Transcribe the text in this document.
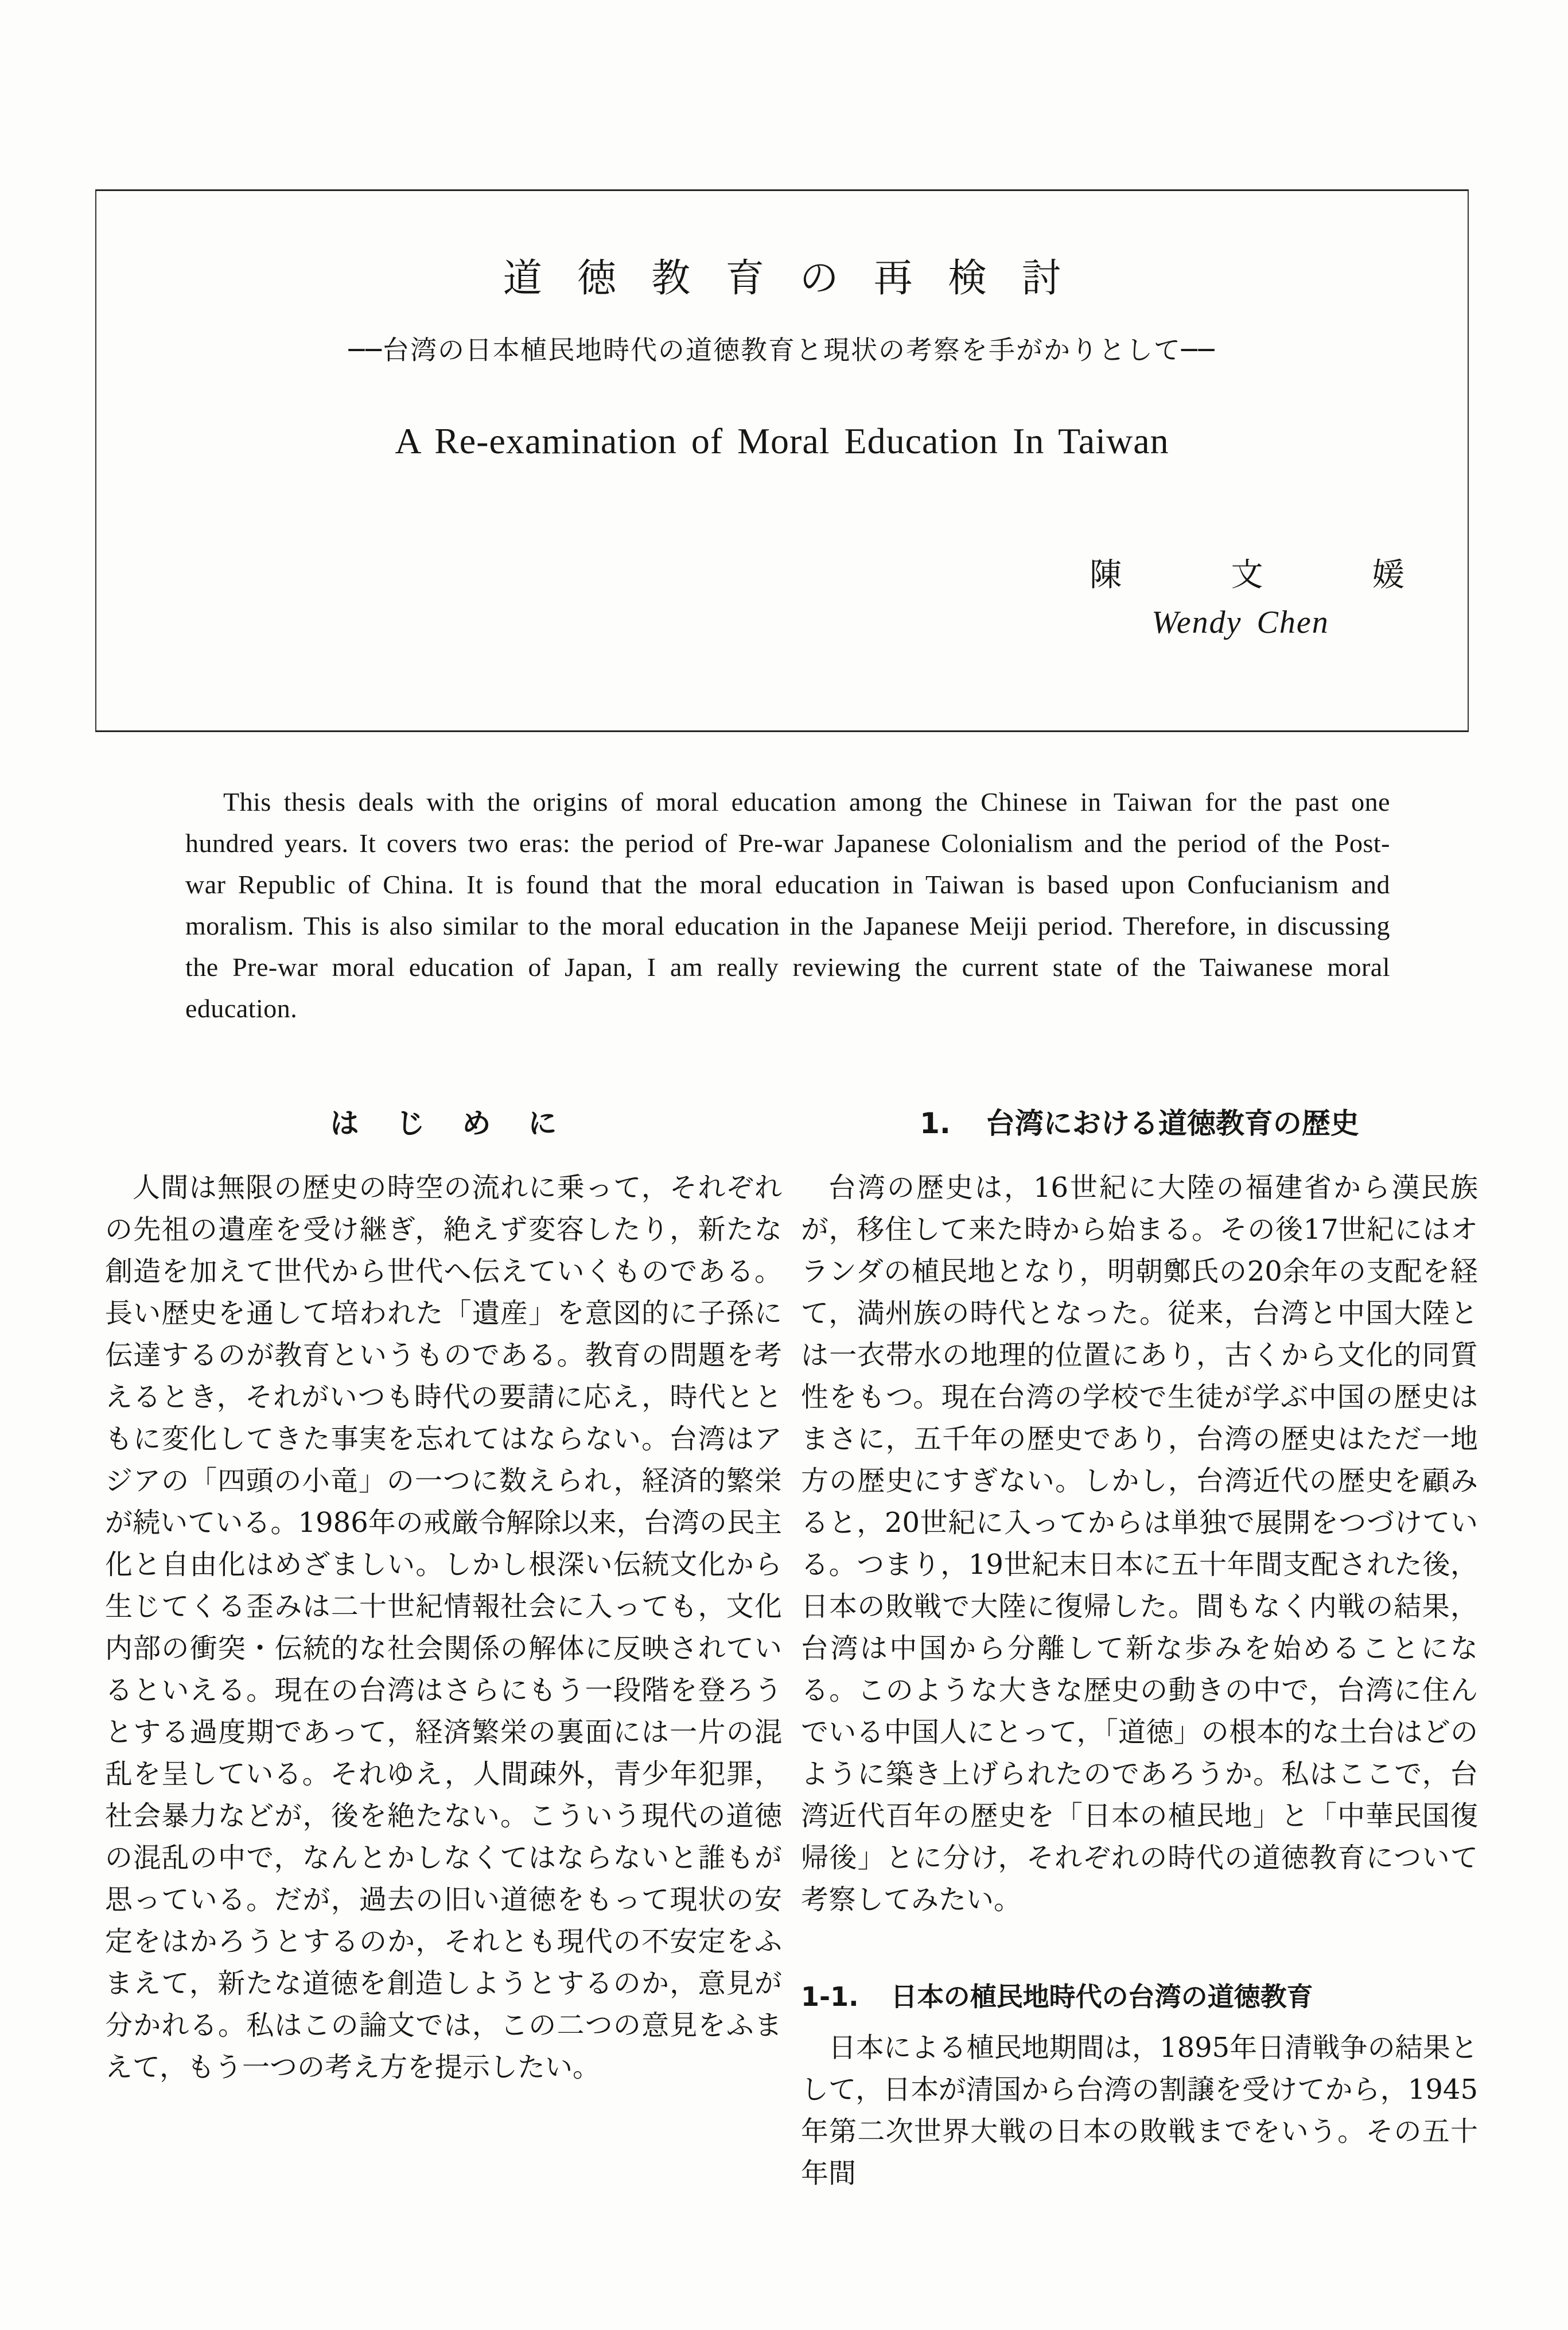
道徳教育の再検討
──台湾の日本植民地時代の道徳教育と現状の考察を手がかりとして──
A Re-examination of Moral Education In Taiwan
陳　文　媛
Wendy Chen

This thesis deals with the origins of moral education among the Chinese in Taiwan for the past one hundred years. It covers two eras: the period of Pre-war Japanese Colonialism and the period of the Post-war Republic of China. It is found that the moral education in Taiwan is based upon Confucianism and moralism. This is also similar to the moral education in the Japanese Meiji period. Therefore, in discussing the Pre-war moral education of Japan, I am really reviewing the current state of the Taiwanese moral education.

はじめに

人間は無限の歴史の時空の流れに乗って，それぞれの先祖の遺産を受け継ぎ，絶えず変容したり，新たな創造を加えて世代から世代へ伝えていくものである。長い歴史を通して培われた「遺産」を意図的に子孫に伝達するのが教育というものである。教育の問題を考えるとき，それがいつも時代の要請に応え，時代とともに変化してきた事実を忘れてはならない。台湾はアジアの「四頭の小竜」の一つに数えられ，経済的繁栄が続いている。1986年の戒厳令解除以来，台湾の民主化と自由化はめざましい。しかし根深い伝統文化から生じてくる歪みは二十世紀情報社会に入っても，文化内部の衝突・伝統的な社会関係の解体に反映されているといえる。現在の台湾はさらにもう一段階を登ろうとする過度期であって，経済繁栄の裏面には一片の混乱を呈している。それゆえ，人間疎外，青少年犯罪，社会暴力などが，後を絶たない。こういう現代の道徳の混乱の中で，なんとかしなくてはならないと誰もが思っている。だが，過去の旧い道徳をもって現状の安定をはかろうとするのか，それとも現代の不安定をふまえて，新たな道徳を創造しようとするのか，意見が分かれる。私はこの論文では，この二つの意見をふまえて，もう一つの考え方を提示したい。

1. 台湾における道徳教育の歴史

台湾の歴史は，16世紀に大陸の福建省から漢民族が，移住して来た時から始まる。その後17世紀にはオランダの植民地となり，明朝鄭氏の20余年の支配を経て，満州族の時代となった。従来，台湾と中国大陸とは一衣帯水の地理的位置にあり，古くから文化的同質性をもつ。現在台湾の学校で生徒が学ぶ中国の歴史はまさに，五千年の歴史であり，台湾の歴史はただ一地方の歴史にすぎない。しかし，台湾近代の歴史を顧みると，20世紀に入ってからは単独で展開をつづけている。つまり，19世紀末日本に五十年間支配された後，日本の敗戦で大陸に復帰した。間もなく内戦の結果，台湾は中国から分離して新な歩みを始めることになる。このような大きな歴史の動きの中で，台湾に住んでいる中国人にとって，「道徳」の根本的な土台はどのように築き上げられたのであろうか。私はここで，台湾近代百年の歴史を「日本の植民地」と「中華民国復帰後」とに分け，それぞれの時代の道徳教育について考察してみたい。

1-1. 日本の植民地時代の台湾の道徳教育

日本による植民地期間は，1895年日清戦争の結果として，日本が清国から台湾の割譲を受けてから，1945年第二次世界大戦の日本の敗戦までをいう。その五十年間
